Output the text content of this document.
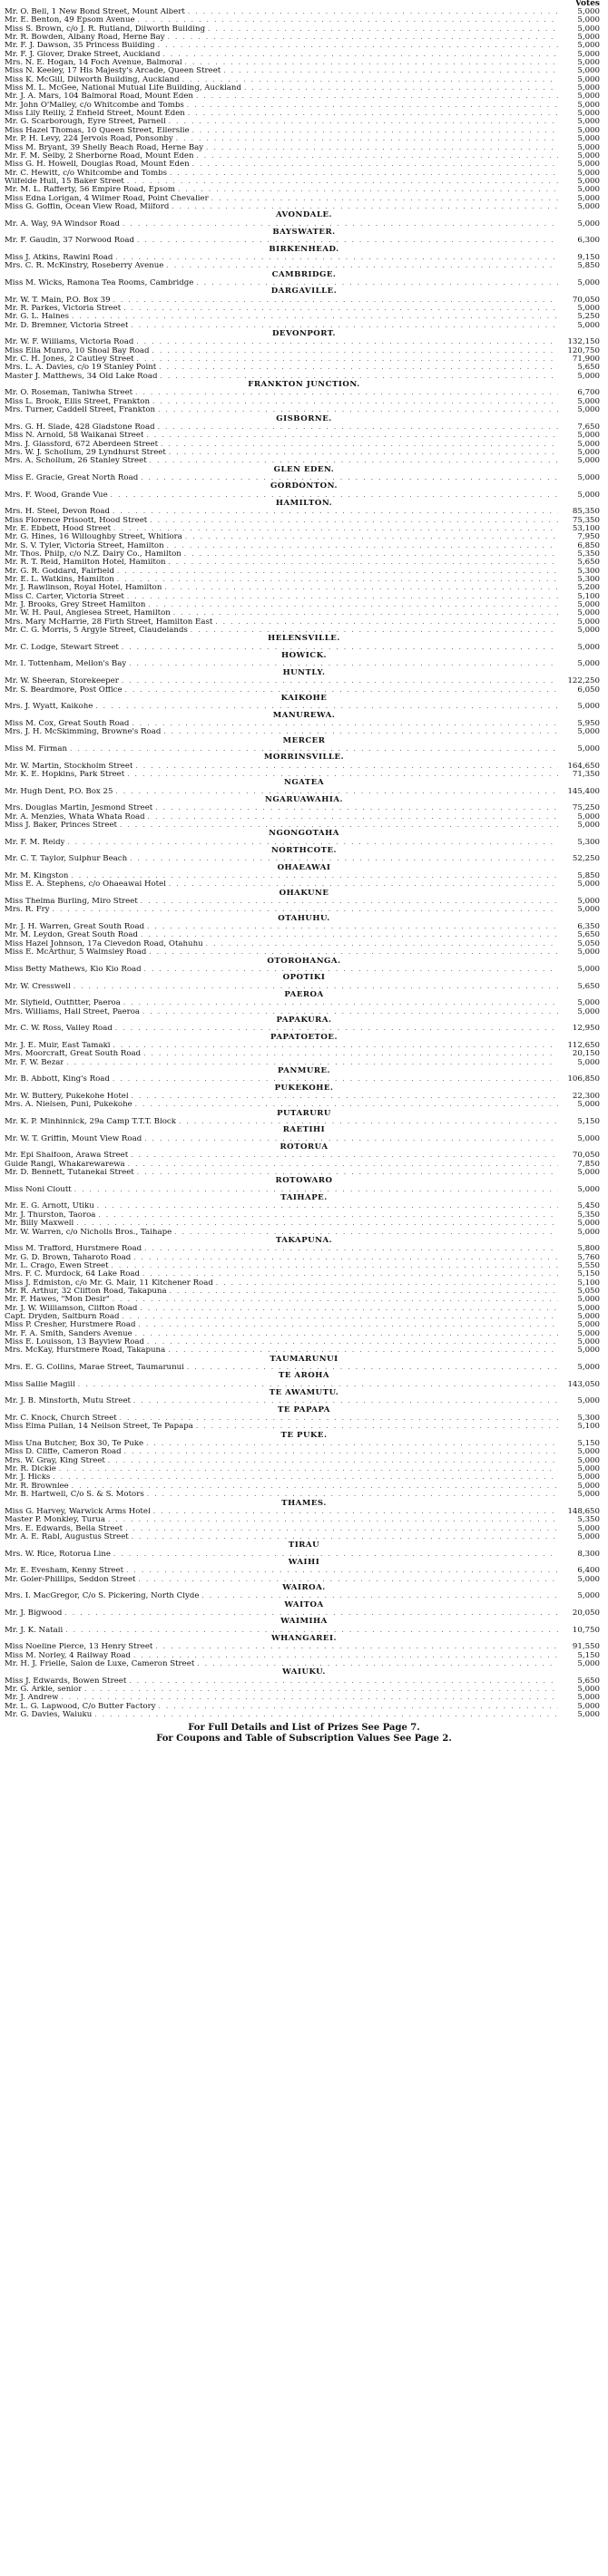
Votes
Mr. O. Bell, 1 New Bond Street, Mount Albert . . .	5,000
Mr. E. Benton, 49 Epsom Avenue . . .	5,000
Miss S. Brown, c/o J. R. Rutland, Dilworth Building . . .	5,000
Mr. R. Bowden, Albany Road, Herne Bay . . .	5,000
Mr. F. J. Dawson, 35 Princess Building . . .	5,000
Mr. F. J. Glover, Drake Street, Auckland . . .	5,000
Mrs. N. E. Hogan, 14 Foch Avenue, Balmoral . . .	5,000
Miss N. Keeley, 17 His Majesty's Arcade, Queen Street . . .	5,000
Miss K. McGill, Dilworth Building, Auckland . . .	5,000
Miss M. L. McGee, National Mutual Life Building, Auckland . . .	5,000
Mr. J. A. Mars, 104 Balmoral Road, Mount Eden . . .	5,000
Mr. John O'Malley, c/o Whitcombe and Tombs . . .	5,000
Miss Lily Reilly, 2 Enfield Street, Mount Eden . . .	5,000
Mr. G. Scarborough, Eyre Street, Parnell . . .	5,000
Miss Hazel Thomas, 10 Queen Street, Ellerslie . . .	5,000
Mr. P. H. Levy, 224 Jervois Road, Ponsonby . . .	5,000
Miss M. Bryant, 39 Shelly Beach Road, Herne Bay . . .	5,000
Mr. F. M. Selby, 2 Sherborne Road, Mount Eden . . .	5,000
Miss G. H. Howell, Douglas Road, Mount Eden . . .	5,000
Mr. C. Hewitt, c/o Whitcombe and Tombs . . .	5,000
Wilfelde Hull, 15 Baker Street . . .	5,000
Mr. M. L. Rafferty, 56 Empire Road, Epsom . . .	5,000
Miss Edna Lorigan, 4 Wilmer Road, Point Chevalier . . .	5,000
Miss G. Goffin, Ocean View Road, Milford . . .	5,000
AVONDALE.
Mr. A. Way, 9A Windsor Road . . .	5,000
BAYSWATER.
Mr. F. Gaudin, 37 Norwood Road . . .	6,300
BIRKENHEAD.
Miss J. Atkins, Rawini Road . . .	9,150
Mrs. C. R. McKinstry, Roseberry Avenue . . .	5,850
CAMBRIDGE.
Miss M. Wicks, Ramona Tea Rooms, Cambridge . . .	5,000
DARGAVILLE.
Mr. W. T. Main, P.O. Box 39 . . .	70,050
Mr. R. Parkes, Victoria Street . . .	5,000
Mr. G. L. Haines . . .	5,250
Mr. D. Bremner, Victoria Street . . .	5,000
DEVONPORT.
Mr. W. F. Williams, Victoria Road . . .	132,150
Miss Ella Munro, 10 Shoal Bay Road . . .	120,750
Mr. C. H. Jones, 2 Cautley Street . . .	71,900
Mrs. L. A. Davies, c/o 19 Stanley Point . . .	5,650
Master J. Matthews, 34 Old Lake Road . . .	5,000
FRANKTON JUNCTION.
Mr. O. Roseman, Taniwha Street . . .	6,700
Miss L. Brook, Ellis Street, Frankton . . .	5,000
Mrs. Turner, Caddell Street, Frankton . . .	5,000
GISBORNE.
Mrs. G. H. Slade, 428 Gladstone Road . . .	7,650
Miss N. Arnold, 58 Waikanai Street . . .	5,000
Mrs. J. Glassford, 672 Aberdeen Street . . .	5,000
Mrs. W. J. Schollum, 29 Lyndhurst Street . . .	5,000
Mrs. A. Schollum, 26 Stanley Street . . .	5,000
GLEN EDEN.
Miss E. Gracie, Great North Road . . .	5,000
GORDONTON.
Mrs. F. Wood, Grande Vue . . .	5,000
HAMILTON.
Mrs. H. Steel, Devon Road . . .	85,350
Miss Florence Prisoott, Hood Street . . .	75,350
Mr. E. Ebbett, Hood Street . . .	53,100
Mr. G. Hines, 16 Willoughby Street, Whitiora . . .	7,950
Mr. S. V. Tyler, Victoria Street, Hamilton . . .	6,850
Mr. Thos. Philp, c/o N.Z. Dairy Co., Hamilton . . .	5,350
Mr. R. T. Reid, Hamilton Hotel, Hamilton . . .	5,650
Mr. G. R. Goddard, Fairfield . . .	5,300
Mr. E. L. Watkins, Hamilton . . .	5,300
Mr. J. Rawlinson, Royal Hotel, Hamilton . . .	5,200
Miss C. Carter, Victoria Street . . .	5,100
Mr. J. Brooks, Grey Street Hamilton . . .	5,000
Mr. W. H. Paul, Anglesea Street, Hamilton . . .	5,000
Mrs. Mary McHarrie, 28 Firth Street, Hamilton East . . .	5,000
Mr. C. G. Morris, 5 Argyle Street, Claudelands . . .	5,000
HELENSVILLE.
Mr. C. Lodge, Stewart Street . . .	5,000
HOWICK.
Mr. I. Tottenham, Mellon's Bay . . .	5,000
HUNTLY.
Mr. W. Sheeran, Storekeeper . . .	122,250
Mr. S. Beardmore, Post Office . . .	6,050
KAIKOHE
Mrs. J. Wyatt, Kaikohe . . .	5,000
MANUREWA.
Miss M. Cox, Great South Road . . .	5,950
Mrs. J. H. McSkimming, Browne's Road . . .	5,000
MERCER
Miss M. Firman . . .	5,000
MORRINSVILLE.
Mr. W. Martin, Stockholm Street . . .	164,650
Mr. K. E. Hopkins, Park Street . . .	71,350
NGATEA
Mr. Hugh Dent, P.O. Box 25 . . .	145,400
NGARUAWAHIA.
Mrs. Douglas Martin, Jesmond Street . . .	75,250
Mr. A. Menzies, Whata Whata Road . . .	5,000
Miss J. Baker, Princes Street . . .	5,000
NGONGOTAHA
Mr. F. M. Reidy . . .	5,300
NORTHCOTE.
Mr. C. T. Taylor, Sulphur Beach . . .	52,250
OHAEAWAI
Mr. M. Kingston . . .	5,850
Miss E. A. Stephens, c/o Ohaeawai Hotel . . .	5,000
OHAKUNE
Miss Thelma Burling, Miro Street . . .	5,000
Mrs. R. Fry . . .	5,000
OTAHUHU.
Mr. J. H. Warren, Great South Road . . .	6,350
Mr. M. Leydon, Great South Road . . .	5,650
Miss Hazel Johnson, 17a Clevedon Road, Otahuhu . . .	5,050
Miss E. McArthur, 5 Walmsley Road . . .	5,000
OTOROHANGA.
Miss Betty Mathews, Kio Kio Road . . .	5,000
OPOTIKI
Mr. W. Cresswell . . .	5,650
PAEROA
Mr. Slyfield, Outfitter, Paeroa . . .	5,000
Mrs. Williams, Hall Street, Paeroa . . .	5,000
PAPAKURA.
Mr. C. W. Ross, Valley Road . . .	12,950
PAPATOETOE.
Mr. J. E. Muir, East Tamaki . . .	112,650
Mrs. Moorcraft, Great South Road . . .	20,150
Mr. F. W. Bezar . . .	5,000
PANMURE.
Mr. B. Abbott, King's Road . . .	106,850
PUKEKOHE.
Mr. W. Buttery, Pukekohe Hotel . . .	22,300
Mrs. A. Nielsen, Puni, Pukekohe . . .	5,000
PUTARURU
Mr. K. P. Minhinnick, 29a Camp T.T.T. Block . . .	5,150
RAETIHI
Mr. W. T. Griffin, Mount View Road . . .	5,000
ROTORUA
Mr. Epi Shalfoon, Arawa Street . . .	70,050
Guide Rangi, Whakarewarewa . . .	7,850
Mr. D. Bennett, Tutanekai Street . . .	5,000
ROTOWARO
Miss Noni Cloutt . . .	5,000
TAIHAPE.
Mr. E. G. Arnott, Utiku . . .	5,450
Mr. J. Thurston, Taoroa . . .	5,350
Mr. Billy Maxwell . . .	5,000
Mr. W. Warren, c/o Nicholls Bros., Taihape . . .	5,000
TAKAPUNA.
Miss M. Trafford, Hurstmere Road . . .	5,800
Mr. G. D. Brown, Taharoto Road . . .	5,760
Mr. L. Crago, Ewen Street . . .	5,550
Mrs. F. C. Murdock, 64 Lake Road . . .	5,150
Miss J. Edmiston, c/o Mr. G. Mair, 11 Kitchener Road . . .	5,100
Mr. R. Arthur, 32 Clifton Road, Takapuna . . .	5,050
Mr. F. Hawes, "Mon Desir" . . .	5,000
Mr. J. W. Williamson, Clifton Road . . .	5,000
Capt. Dryden, Saltburn Road . . .	5,000
Miss P. Cresher, Hurstmere Road . . .	5,000
Mr. F. A. Smith, Sanders Avenue . . .	5,000
Miss E. Louisson, 13 Bayview Road . . .	5,000
Mrs. McKay, Hurstmere Road, Takapuna . . .	5,000
TAUMARUNUI
Mrs. E. G. Collins, Marae Street, Taumarunui . . .	5,000
TE AROHA
Miss Sallie Magill . . .	143,050
TE AWAMUTU.
Mr. J. B. Minsforth, Mutu Street . . .	5,000
TE PAPAPA
Mr. C. Knock, Church Street . . .	5,300
Miss Elma Pullan, 14 Neilson Street, Te Papapa . . .	5,100
TE PUKE.
Miss Una Butcher, Box 30, Te Puke . . .	5,150
Miss D. Cliffe, Cameron Road . . .	5,000
Mrs. W. Gray, King Street . . .	5,000
Mr. R. Dickie . . .	5,000
Mr. J. Hicks . . .	5,000
Mr. R. Brownlee . . .	5,000
Mr. B. Hartwell, C/o S. & S. Motors . . .	5,000
THAMES.
Miss G. Harvey, Warwick Arms Hotel . . .	148,650
Master P. Monkley, Turua . . .	5,350
Mrs. E. Edwards, Bella Street . . .	5,000
Mr. A. E. Rabl, Augustus Street . . .	5,000
TIRAU
Mrs. W. Rice, Rotorua Line . . .	8,300
WAIHI
Mr. E. Evesham, Kenny Street . . .	6,400
Mr. Goler-Phillips, Seddon Street . . .	5,000
WAIROA.
Mrs. I. MacGregor, C/o S. Pickering, North Clyde . . .	5,000
WAITOA
Mr. J. Bigwood . . .	20,050
WAIMIHA
Mr. J. K. Natali . . .	10,750
WHANGAREI.
Miss Noeline Pierce, 13 Henry Street . . .	91,550
Miss M. Norley, 4 Railway Road . . .	5,150
Mr. H. J. Frielle, Salon de Luxe, Cameron Street . . .	5,000
WAIUKU.
Miss J. Edwards, Bowen Street . . .	5,650
Mr. G. Arkle, senior . . .	5,000
Mr. J. Andrew . . .	5,000
Mr. L. G. Lapwood, C/o Butter Factory . . .	5,000
Mr. G. Davies, Waiuku . . .	5,000
For Full Details and List of Prizes See Page 7.
For Coupons and Table of Subscription Values See Page 2.
